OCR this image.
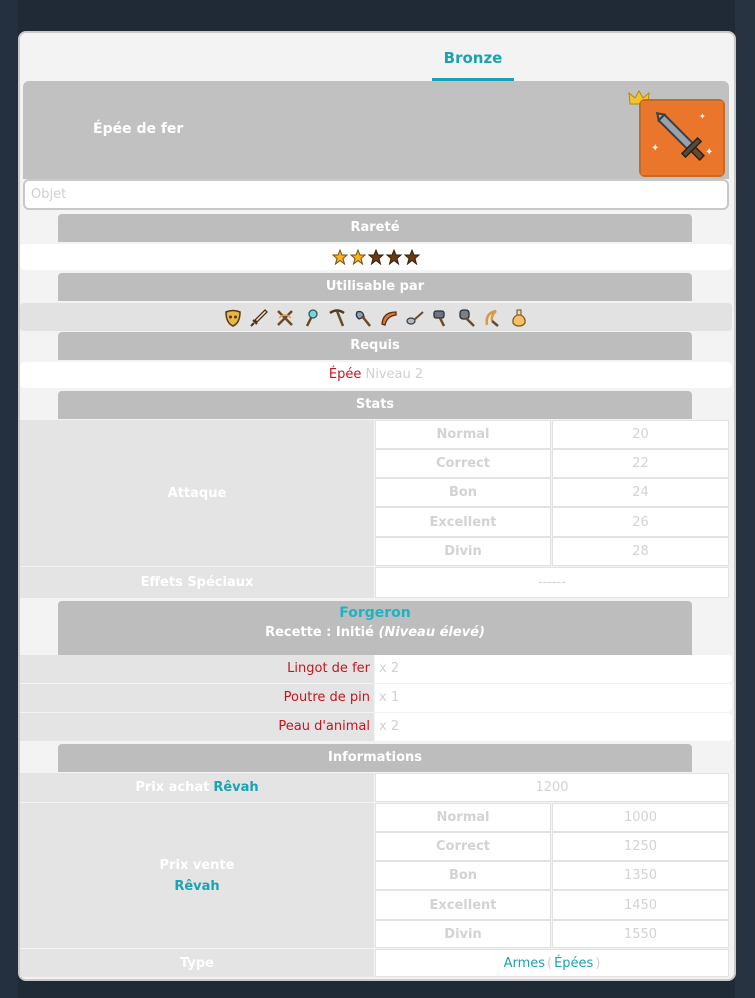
Bronze
Épée de fer
✦	✦
✦
Objet
Rareté
Utilisable par
Requis
Épée Niveau 2
Stats
Attaque
Normal	20
Correct	22
Bon	24
Excellent	26
Divin	28
Effets Spéciaux	------
Forgeron
Recette : Initié (Niveau élevé)
Lingot de fer x 2
Poutre de pin x 1
Peau d'animal x 2
Informations
Prix achat Rêvah	1200
Prix vente
Rêvah
Normal	1000
Correct	1250
Bon	1350
Excellent	1450
Divin	1550
Type	Armes ( Épées )
